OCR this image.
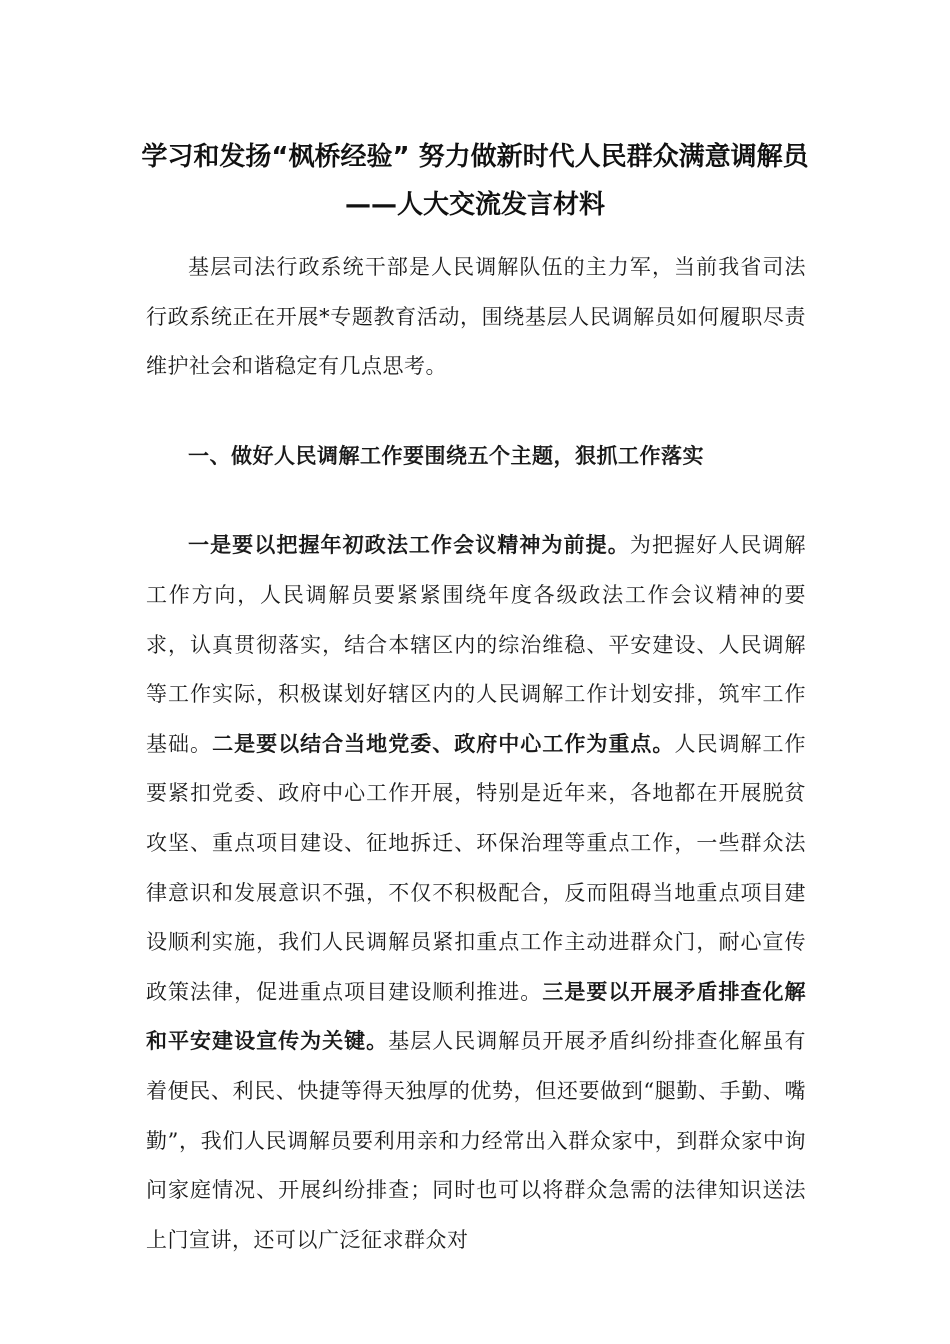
学习和发扬“枫桥经验” 努力做新时代人民群众满意调解员——人大交流发言材料

基层司法行政系统干部是人民调解队伍的主力军，当前我省司法行政系统正在开展*专题教育活动，围绕基层人民调解员如何履职尽责维护社会和谐稳定有几点思考。

一、做好人民调解工作要围绕五个主题，狠抓工作落实

一是要以把握年初政法工作会议精神为前提。为把握好人民调解工作方向，人民调解员要紧紧围绕年度各级政法工作会议精神的要求，认真贯彻落实，结合本辖区内的综治维稳、平安建设、人民调解等工作实际，积极谋划好辖区内的人民调解工作计划安排，筑牢工作基础。二是要以结合当地党委、政府中心工作为重点。人民调解工作要紧扣党委、政府中心工作开展，特别是近年来，各地都在开展脱贫攻坚、重点项目建设、征地拆迁、环保治理等重点工作，一些群众法律意识和发展意识不强，不仅不积极配合，反而阻碍当地重点项目建设顺利实施，我们人民调解员紧扣重点工作主动进群众门，耐心宣传政策法律，促进重点项目建设顺利推进。三是要以开展矛盾排查化解和平安建设宣传为关键。基层人民调解员开展矛盾纠纷排查化解虽有着便民、利民、快捷等得天独厚的优势，但还要做到“腿勤、手勤、嘴勤”，我们人民调解员要利用亲和力经常出入群众家中，到群众家中询问家庭情况、开展纠纷排查；同时也可以将群众急需的法律知识送法上门宣讲，还可以广泛征求群众对
